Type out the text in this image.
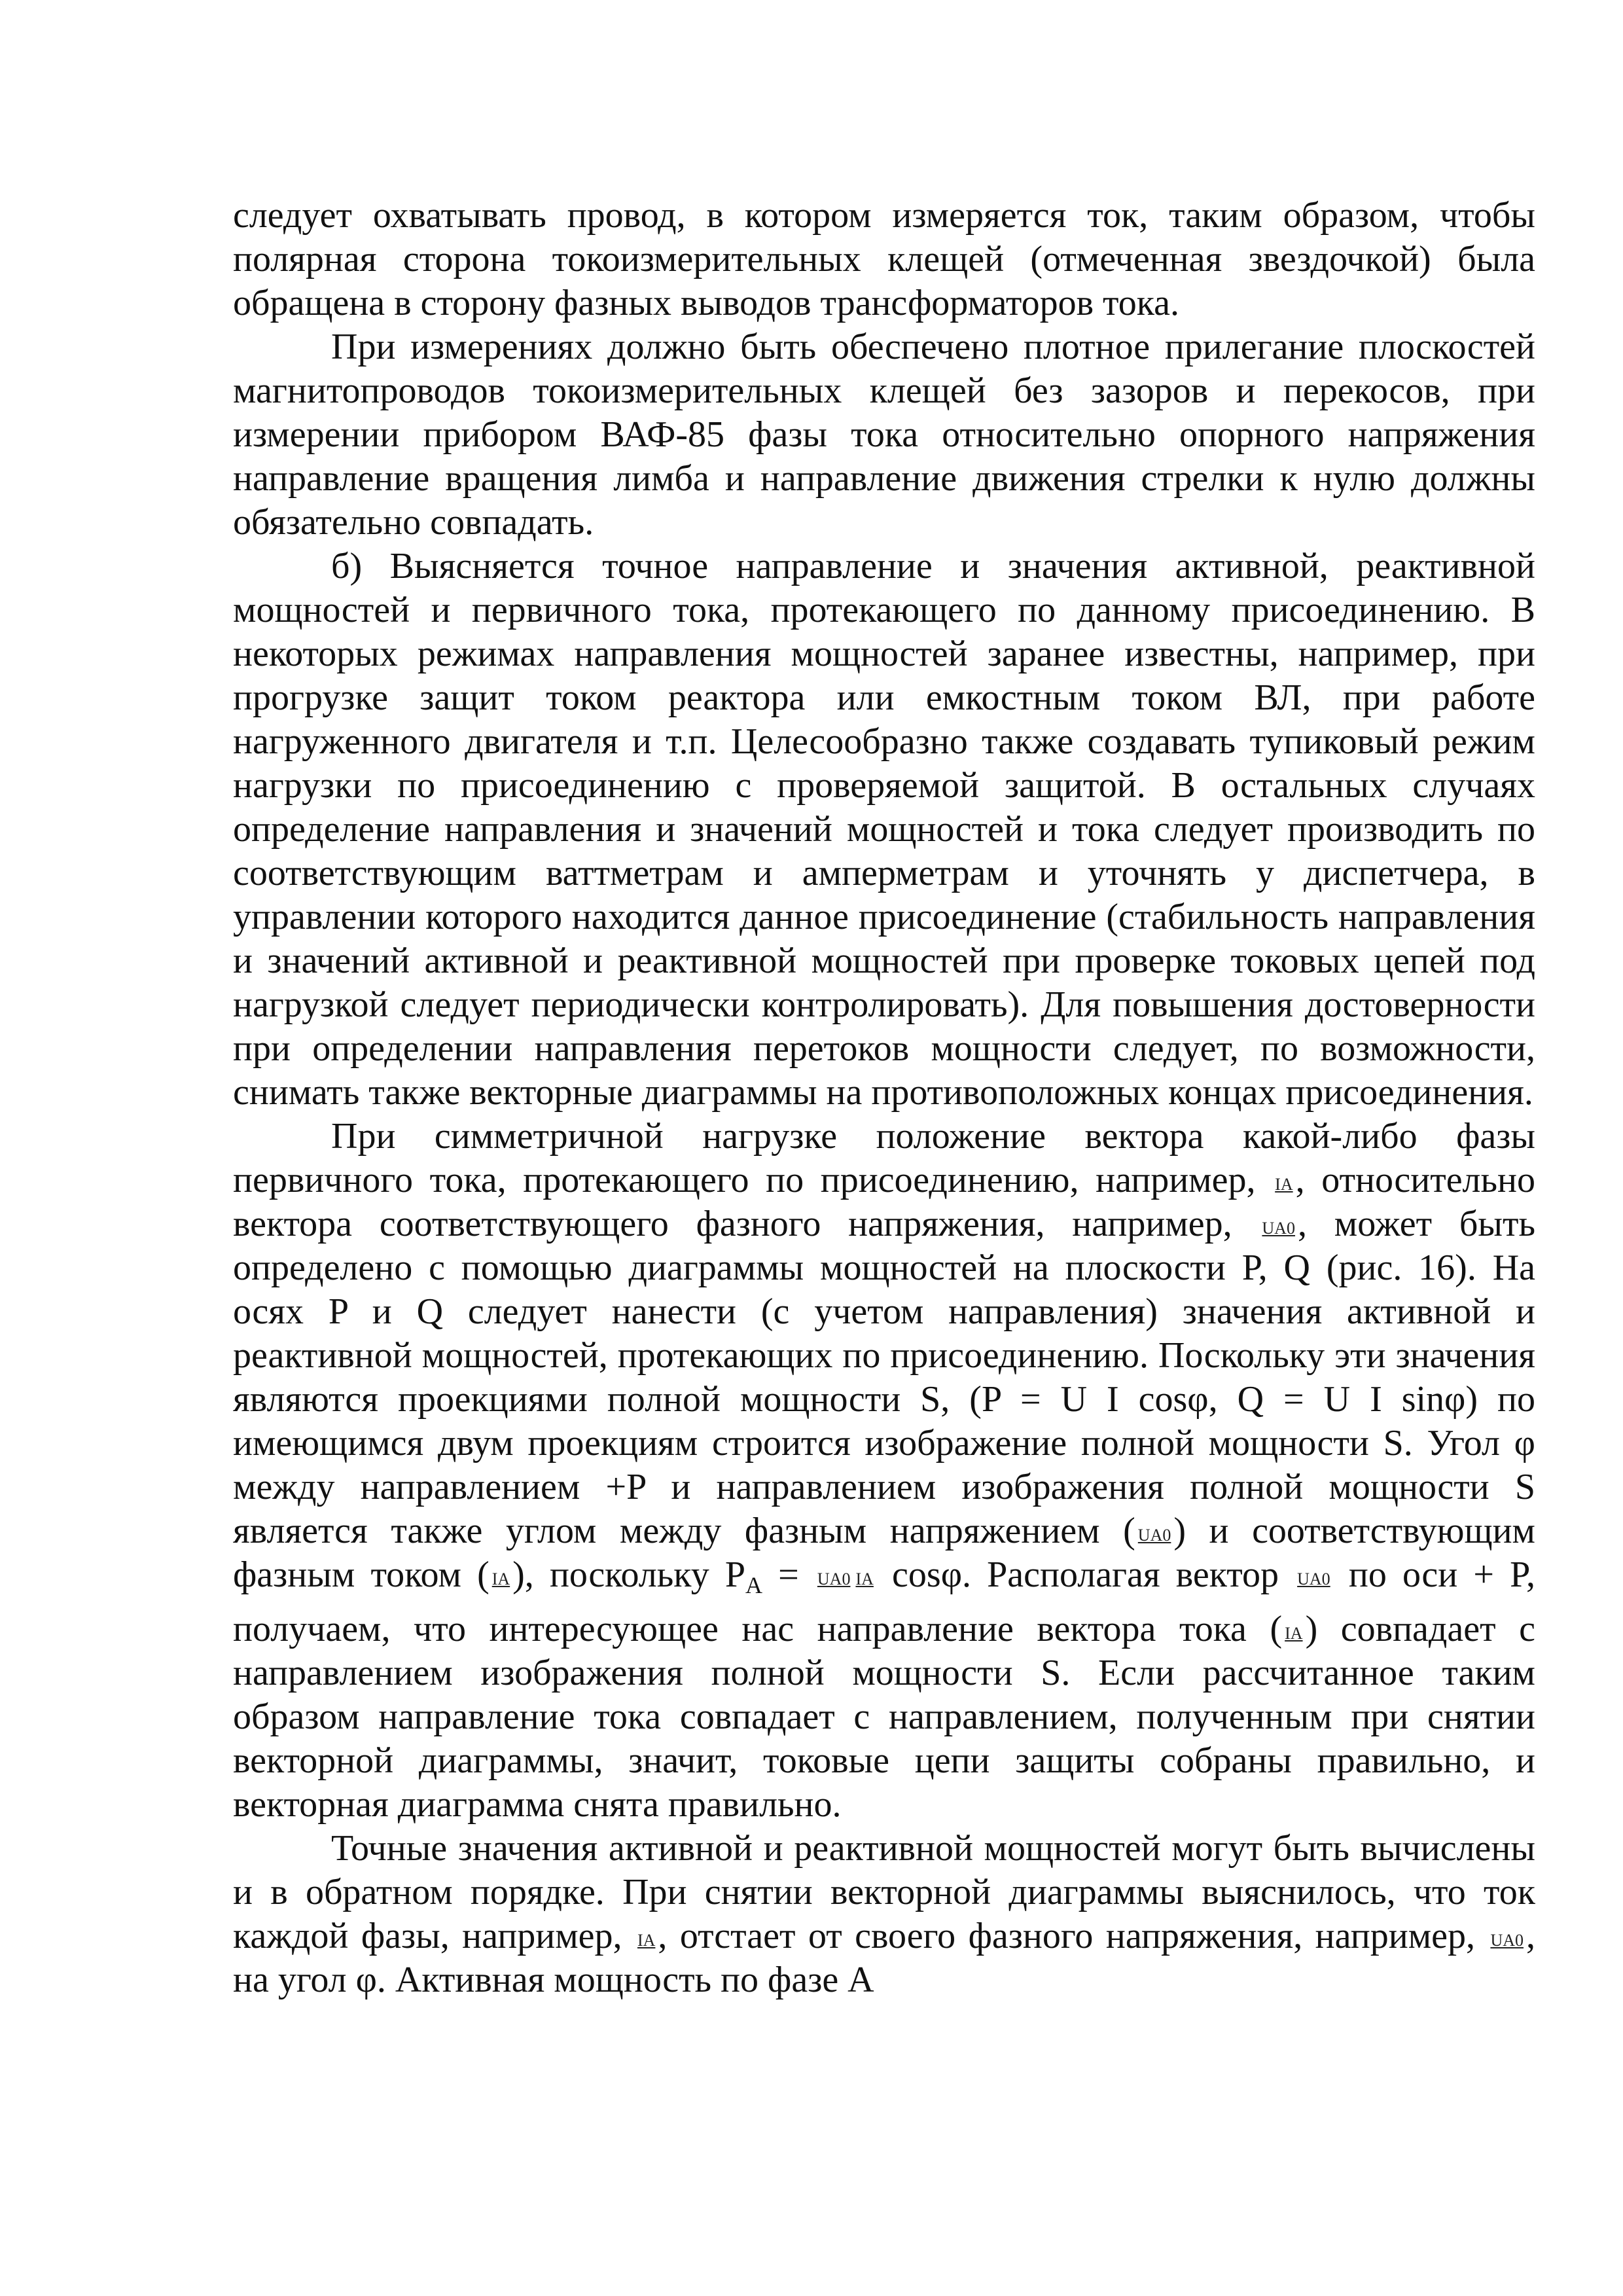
следует охватывать провод, в котором измеряется ток, таким образом, чтобы полярная сторона токоизмерительных клещей (отмеченная звездочкой) была обращена в сторону фазных выводов трансформаторов тока.

При измерениях должно быть обеспечено плотное прилегание плоскостей магнитопроводов токоизмерительных клещей без зазоров и перекосов, при измерении прибором ВАФ-85 фазы тока относительно опорного напряжения направление вращения лимба и направление движения стрелки к нулю должны обязательно совпадать.

б) Выясняется точное направление и значения активной, реактивной мощностей и первичного тока, протекающего по данному присоединению. В некоторых режимах направления мощностей заранее известны, например, при прогрузке защит током реактора или емкостным током ВЛ, при работе нагруженного двигателя и т.п. Целесообразно также создавать тупиковый режим нагрузки по присоединению с проверяемой защитой. В остальных случаях определение направления и значений мощностей и тока следует производить по соответствующим ваттметрам и амперметрам и уточнять у диспетчера, в управлении которого находится данное присоединение (стабильность направления и значений активной и реактивной мощностей при проверке токовых цепей под нагрузкой следует периодически контролировать). Для повышения достоверности при определении направления перетоков мощности следует, по возможности, снимать также векторные диаграммы на противоположных концах присоединения.

При симметричной нагрузке положение вектора какой-либо фазы первичного тока, протекающего по присоединению, например, IA, относительно вектора соответствующего фазного напряжения, например, UA0, может быть определено с помощью диаграммы мощностей на плоскости P, Q (рис. 16). На осях P и Q следует нанести (с учетом направления) значения активной и реактивной мощностей, протекающих по присоединению. Поскольку эти значения являются проекциями полной мощности S, (P = U I cosφ, Q = U I sinφ) по имеющимся двум проекциям строится изображение полной мощности S. Угол φ между направлением +P и направлением изображения полной мощности S является также углом между фазным напряжением ( UA0) и соответствующим фазным током ( IA), поскольку $P_A = UA0$ IA cosφ. Располагая вектор UA0 по оси + P, получаем, что интересующее нас направление вектора тока ( IA) совпадает с направлением изображения полной мощности S. Если рассчитанное таким образом направление тока совпадает с направлением, полученным при снятии векторной диаграммы, значит, токовые цепи защиты собраны правильно, и векторная диаграмма снята правильно.

Точные значения активной и реактивной мощностей могут быть вычислены и в обратном порядке. При снятии векторной диаграммы выяснилось, что ток каждой фазы, например, IA, отстает от своего фазного напряжения, например, UA0, на угол φ. Активная мощность по фазе А
